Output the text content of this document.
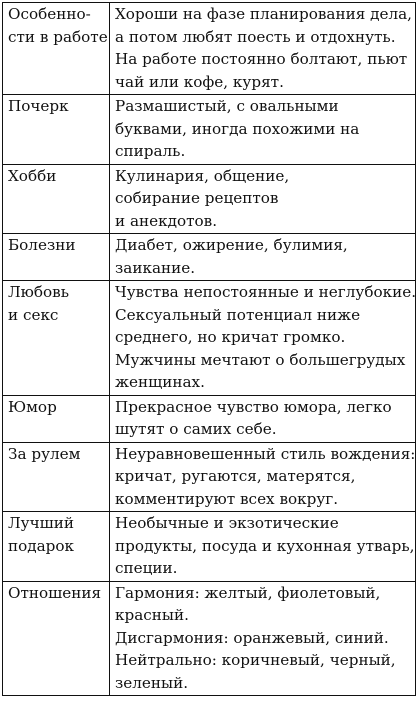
Особенно-
сти в работе	Хороши на фазе планирования дела,
а потом любят поесть и отдохнуть.
На работе постоянно болтают, пьют
чай или кофе, курят.

Почерк	Размашистый, с овальными
буквами, иногда похожими на
спираль.

Хобби	Кулинария, общение,
собирание рецептов
и анекдотов.

Болезни	Диабет, ожирение, булимия,
заикание.

Любовь
и секс	Чувства непостоянные и неглубокие.
Сексуальный потенциал ниже
среднего, но кричат громко.
Мужчины мечтают о большегрудых
женщинах.

Юмор	Прекрасное чувство юмора, легко
шутят о самих себе.

За рулем	Неуравновешенный стиль вождения:
кричат, ругаются, матерятся,
комментируют всех вокруг.

Лучший
подарок	Необычные и экзотические
продукты, посуда и кухонная утварь,
специи.

Отношения	Гармония: желтый, фиолетовый,
красный.
Дисгармония: оранжевый, синий.
Нейтрально: коричневый, черный,
зеленый.
